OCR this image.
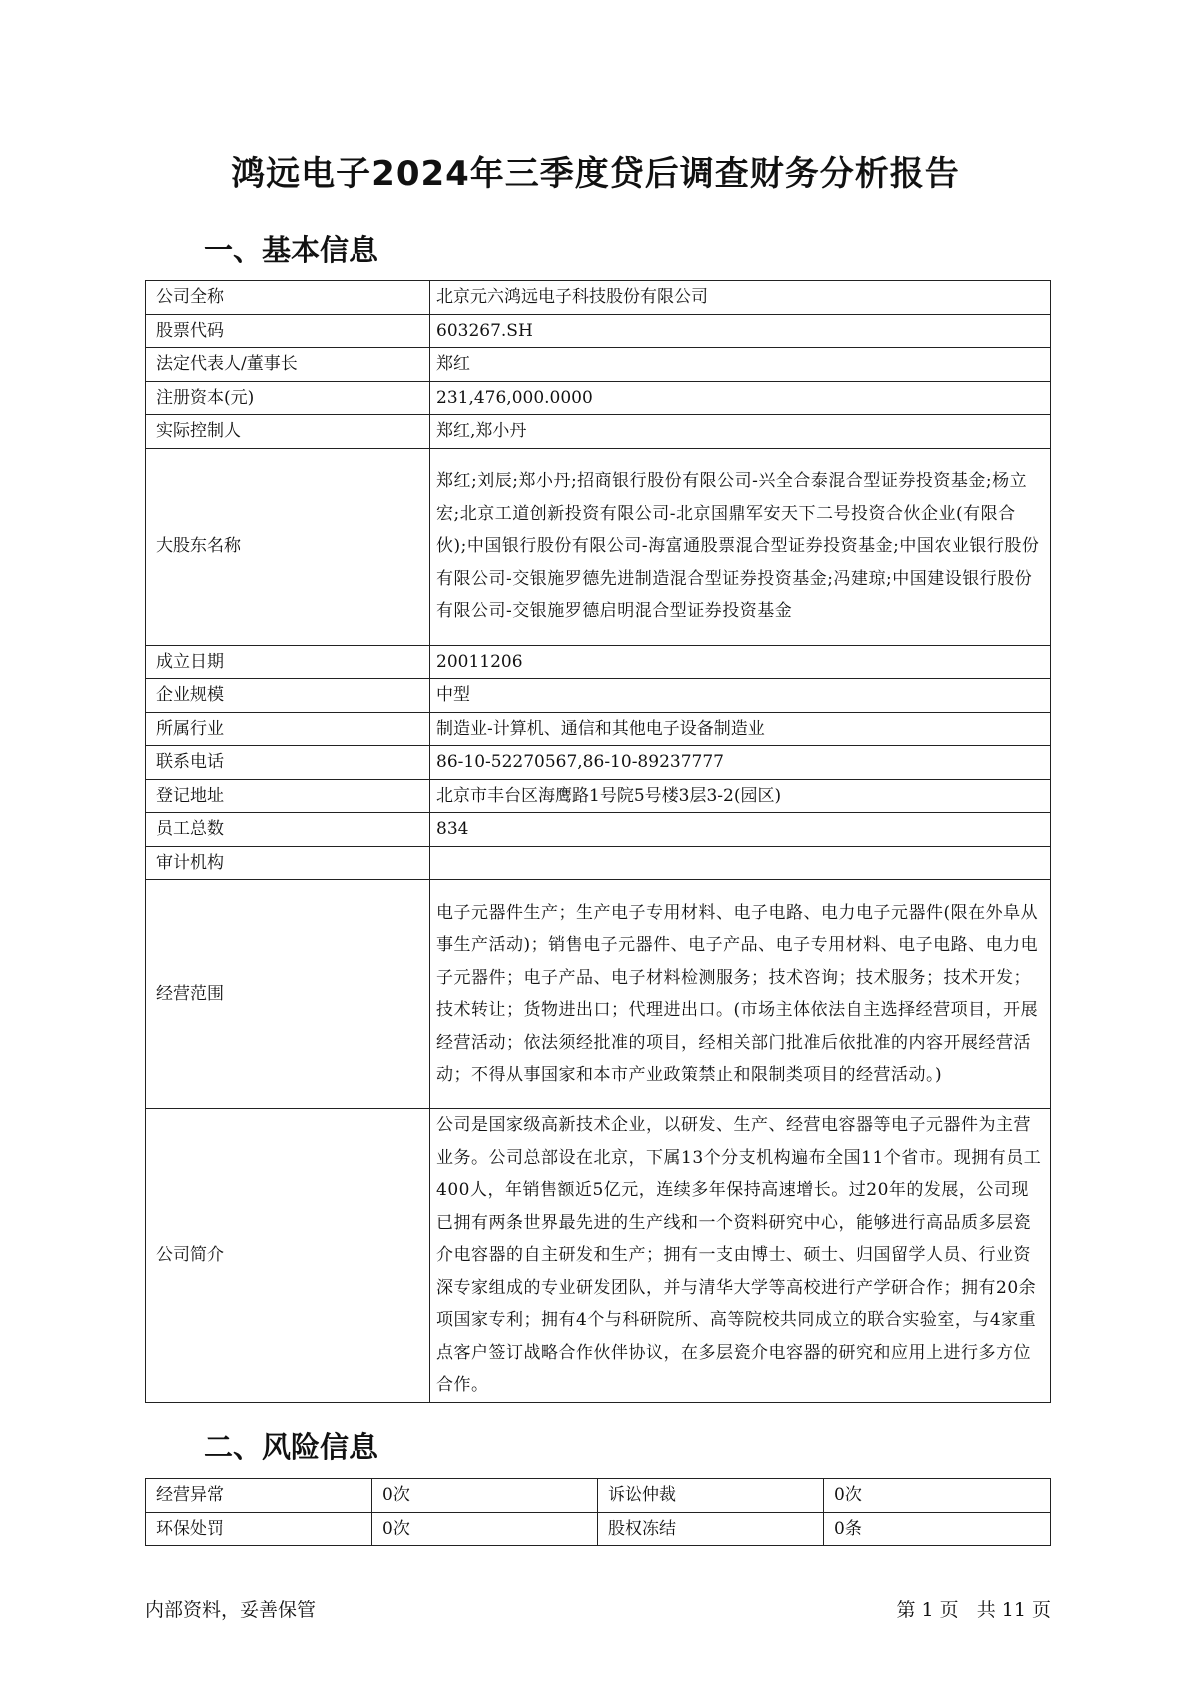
鸿远电子2024年三季度贷后调查财务分析报告
一、基本信息
公司全称	北京元六鸿远电子科技股份有限公司
股票代码	603267.SH
法定代表人/董事长	郑红
注册资本(元)	231,476,000.0000
实际控制人	郑红,郑小丹
大股东名称	郑红;刘辰;郑小丹;招商银行股份有限公司-兴全合泰混合型证券投资基金;杨立宏;北京工道创新投资有限公司-北京国鼎军安天下二号投资合伙企业(有限合伙);中国银行股份有限公司-海富通股票混合型证券投资基金;中国农业银行股份有限公司-交银施罗德先进制造混合型证券投资基金;冯建琼;中国建设银行股份有限公司-交银施罗德启明混合型证券投资基金
成立日期	20011206
企业规模	中型
所属行业	制造业-计算机、通信和其他电子设备制造业
联系电话	86-10-52270567,86-10-89237777
登记地址	北京市丰台区海鹰路1号院5号楼3层3-2(园区)
员工总数	834
审计机构	
经营范围	电子元器件生产；生产电子专用材料、电子电路、电力电子元器件(限在外阜从事生产活动)；销售电子元器件、电子产品、电子专用材料、电子电路、电力电子元器件；电子产品、电子材料检测服务；技术咨询；技术服务；技术开发；技术转让；货物进出口；代理进出口。(市场主体依法自主选择经营项目，开展经营活动；依法须经批准的项目，经相关部门批准后依批准的内容开展经营活动；不得从事国家和本市产业政策禁止和限制类项目的经营活动。)
公司简介	公司是国家级高新技术企业，以研发、生产、经营电容器等电子元器件为主营业务。公司总部设在北京，下属13个分支机构遍布全国11个省市。现拥有员工400人，年销售额近5亿元，连续多年保持高速增长。过20年的发展，公司现已拥有两条世界最先进的生产线和一个资料研究中心，能够进行高品质多层瓷介电容器的自主研发和生产；拥有一支由博士、硕士、归国留学人员、行业资深专家组成的专业研发团队，并与清华大学等高校进行产学研合作；拥有20余项国家专利；拥有4个与科研院所、高等院校共同成立的联合实验室，与4家重点客户签订战略合作伙伴协议，在多层瓷介电容器的研究和应用上进行多方位合作。
二、风险信息
经营异常	0次	诉讼仲裁	0次
环保处罚	0次	股权冻结	0条
内部资料，妥善保管	第 1 页   共 11 页
